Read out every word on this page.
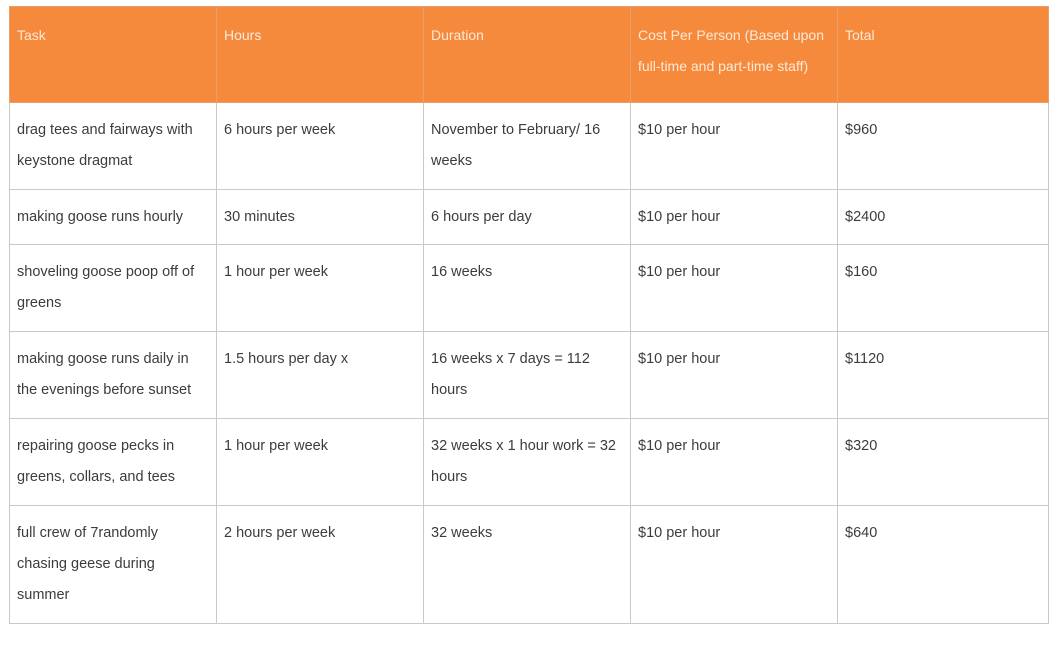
Task	Hours	Duration	Cost Per Person (Based upon full-time and part-time staff)	Total
drag tees and fairways with keystone dragmat	6 hours per week	November to February/ 16 weeks	$10 per hour	$960
making goose runs hourly	30 minutes	6 hours per day	$10 per hour	$2400
shoveling goose poop off of greens	1 hour per week	16 weeks	$10 per hour	$160
making goose runs daily in the evenings before sunset	1.5 hours per day x	16 weeks x 7 days = 112 hours	$10 per hour	$1120
repairing goose pecks in greens, collars, and tees	1 hour per week	32 weeks x 1 hour work = 32 hours	$10 per hour	$320
full crew of 7randomly chasing geese during summer	2 hours per week	32 weeks	$10 per hour	$640
